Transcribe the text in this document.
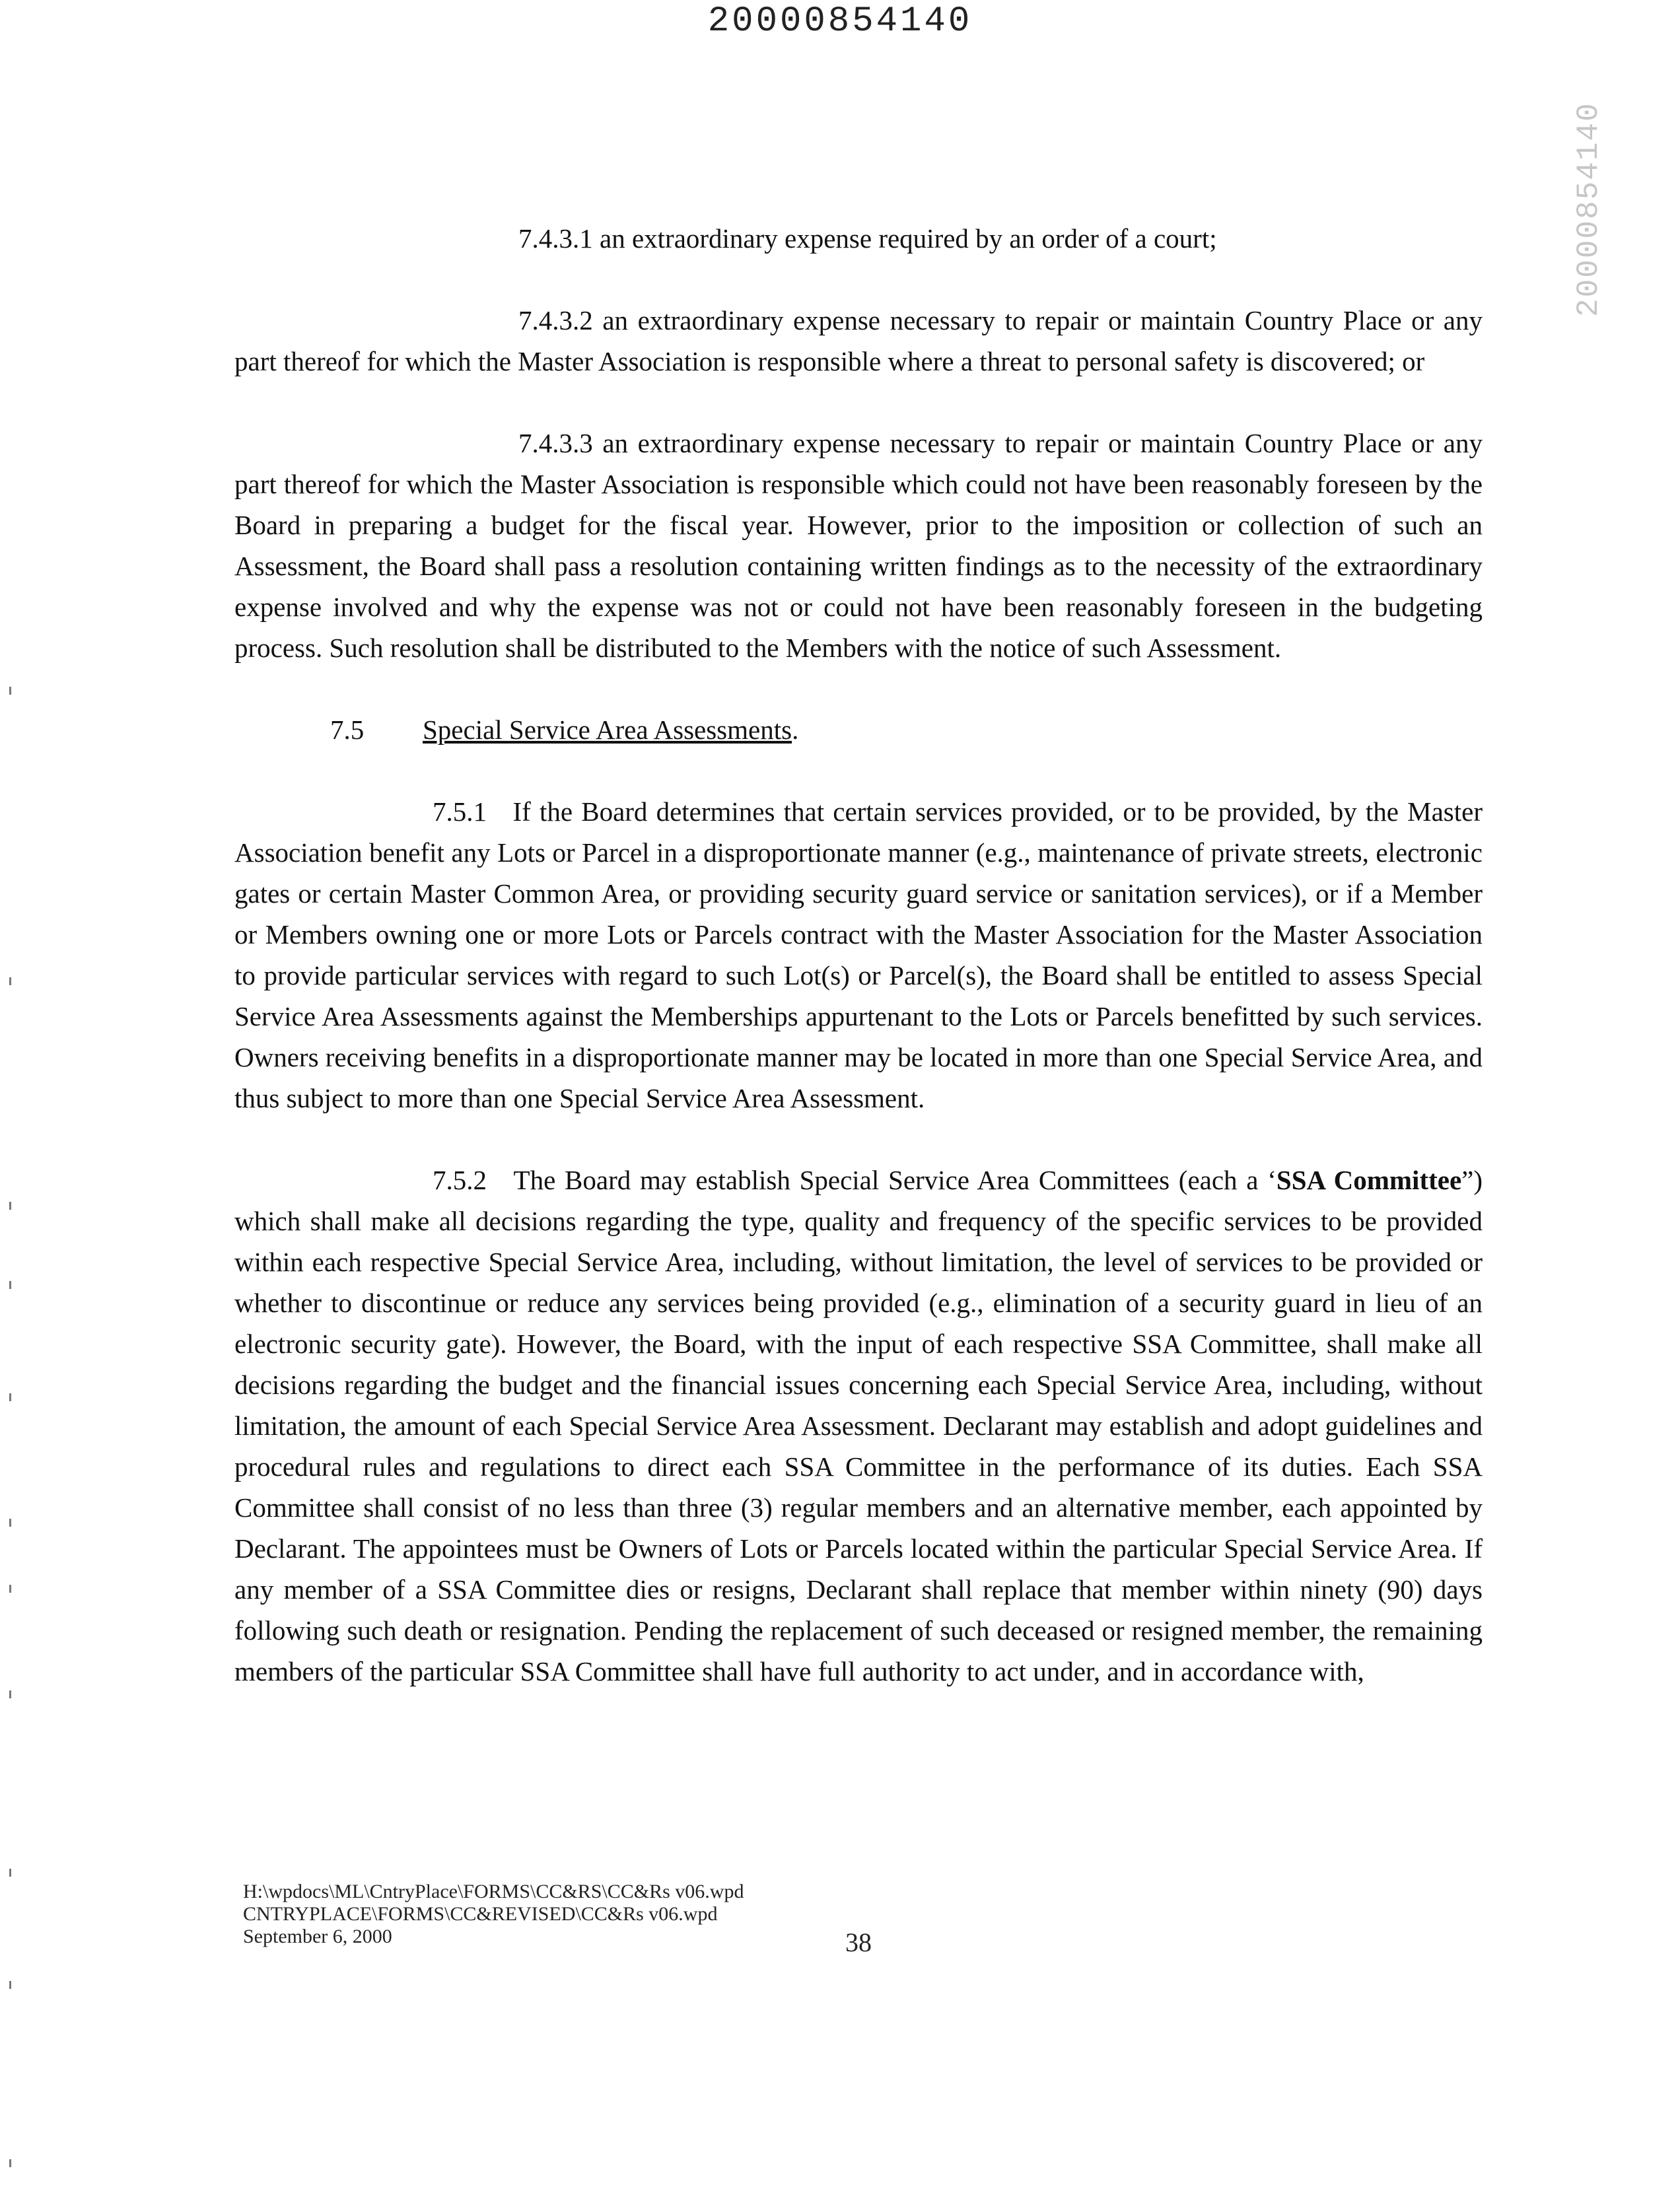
20000854140
20000854140

7.4.3.1 an extraordinary expense required by an order of a court;

7.4.3.2 an extraordinary expense necessary to repair or maintain Country Place or any part thereof for which the Master Association is responsible where a threat to personal safety is discovered; or

7.4.3.3 an extraordinary expense necessary to repair or maintain Country Place or any part thereof for which the Master Association is responsible which could not have been reasonably foreseen by the Board in preparing a budget for the fiscal year. However, prior to the imposition or collection of such an Assessment, the Board shall pass a resolution containing written findings as to the necessity of the extraordinary expense involved and why the expense was not or could not have been reasonably foreseen in the budgeting process. Such resolution shall be distributed to the Members with the notice of such Assessment.

7.5 Special Service Area Assessments.

7.5.1 If the Board determines that certain services provided, or to be provided, by the Master Association benefit any Lots or Parcel in a disproportionate manner (e.g., maintenance of private streets, electronic gates or certain Master Common Area, or providing security guard service or sanitation services), or if a Member or Members owning one or more Lots or Parcels contract with the Master Association for the Master Association to provide particular services with regard to such Lot(s) or Parcel(s), the Board shall be entitled to assess Special Service Area Assessments against the Memberships appurtenant to the Lots or Parcels benefitted by such services. Owners receiving benefits in a disproportionate manner may be located in more than one Special Service Area, and thus subject to more than one Special Service Area Assessment.

7.5.2 The Board may establish Special Service Area Committees (each a ‘SSA Committee”) which shall make all decisions regarding the type, quality and frequency of the specific services to be provided within each respective Special Service Area, including, without limitation, the level of services to be provided or whether to discontinue or reduce any services being provided (e.g., elimination of a security guard in lieu of an electronic security gate). However, the Board, with the input of each respective SSA Committee, shall make all decisions regarding the budget and the financial issues concerning each Special Service Area, including, without limitation, the amount of each Special Service Area Assessment. Declarant may establish and adopt guidelines and procedural rules and regulations to direct each SSA Committee in the performance of its duties. Each SSA Committee shall consist of no less than three (3) regular members and an alternative member, each appointed by Declarant. The appointees must be Owners of Lots or Parcels located within the particular Special Service Area. If any member of a SSA Committee dies or resigns, Declarant shall replace that member within ninety (90) days following such death or resignation. Pending the replacement of such deceased or resigned member, the remaining members of the particular SSA Committee shall have full authority to act under, and in accordance with,

H:\wpdocs\ML\CntryPlace\FORMS\CC&RS\CC&Rs v06.wpd
CNTRYPLACE\FORMS\CC&REVISED\CC&Rs v06.wpd
September 6, 2000	38
